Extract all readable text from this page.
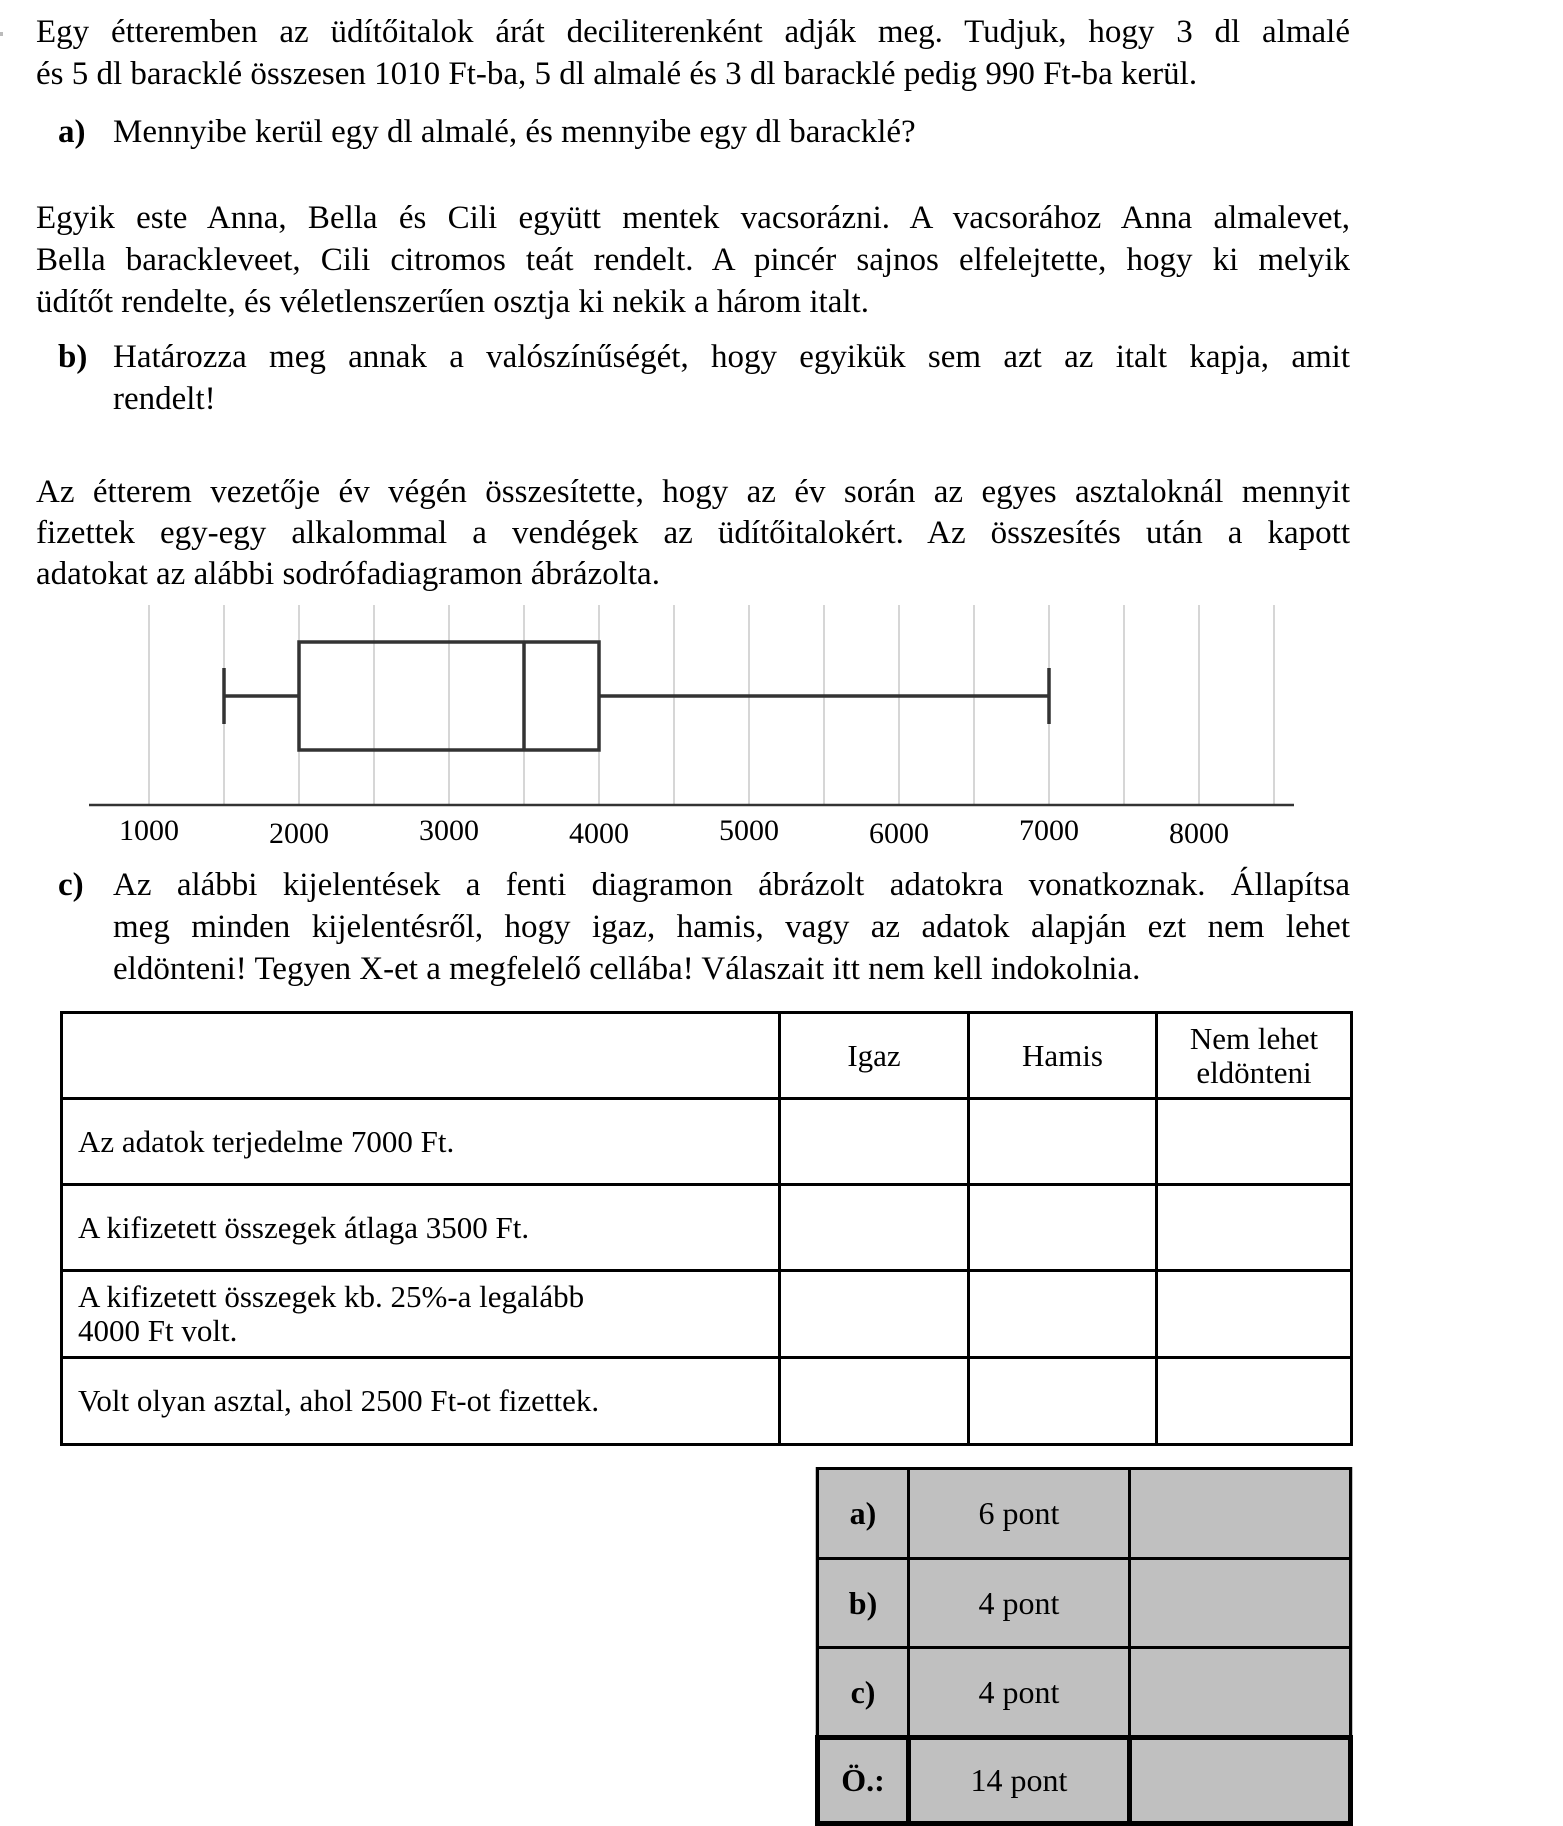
Egy étteremben az üdítőitalok árát deciliterenként adják meg. Tudjuk, hogy 3 dl almalé
és 5 dl baracklé összesen 1010 Ft-ba, 5 dl almalé és 3 dl baracklé pedig 990 Ft-ba kerül.
a) Mennyibe kerül egy dl almalé, és mennyibe egy dl baracklé?
Egyik este Anna, Bella és Cili együtt mentek vacsorázni. A vacsorához Anna almalevet,
Bella barackleveet, Cili citromos teát rendelt. A pincér sajnos elfelejtette, hogy ki melyik
üdítőt rendelte, és véletlenszerűen osztja ki nekik a három italt.
b) Határozza meg annak a valószínűségét, hogy egyikük sem azt az italt kapja, amit
rendelt!
Az étterem vezetője év végén összesítette, hogy az év során az egyes asztaloknál mennyit
fizettek egy-egy alkalommal a vendégek az üdítőitalokért. Az összesítés után a kapott
adatokat az alábbi sodrófadiagramon ábrázolta.
1000	2000	3000	4000	5000	6000	7000	8000
c) Az alábbi kijelentések a fenti diagramon ábrázolt adatokra vonatkoznak. Állapítsa
meg minden kijelentésről, hogy igaz, hamis, vagy az adatok alapján ezt nem lehet
eldönteni! Tegyen X-et a megfelelő cellába! Válaszait itt nem kell indokolnia.
	Igaz	Hamis	Nem lehet
eldönteni

Az adatok terjedelme 7000 Ft.			
A kifizetett összegek átlaga 3500 Ft.			

A kifizetett összegek kb. 25%-a legalább
4000 Ft volt.			

Volt olyan asztal, ahol 2500 Ft-ot fizettek.			
a)	6 pont	
b)	4 pont	
c)	4 pont	
Ö.:	14 pont	
